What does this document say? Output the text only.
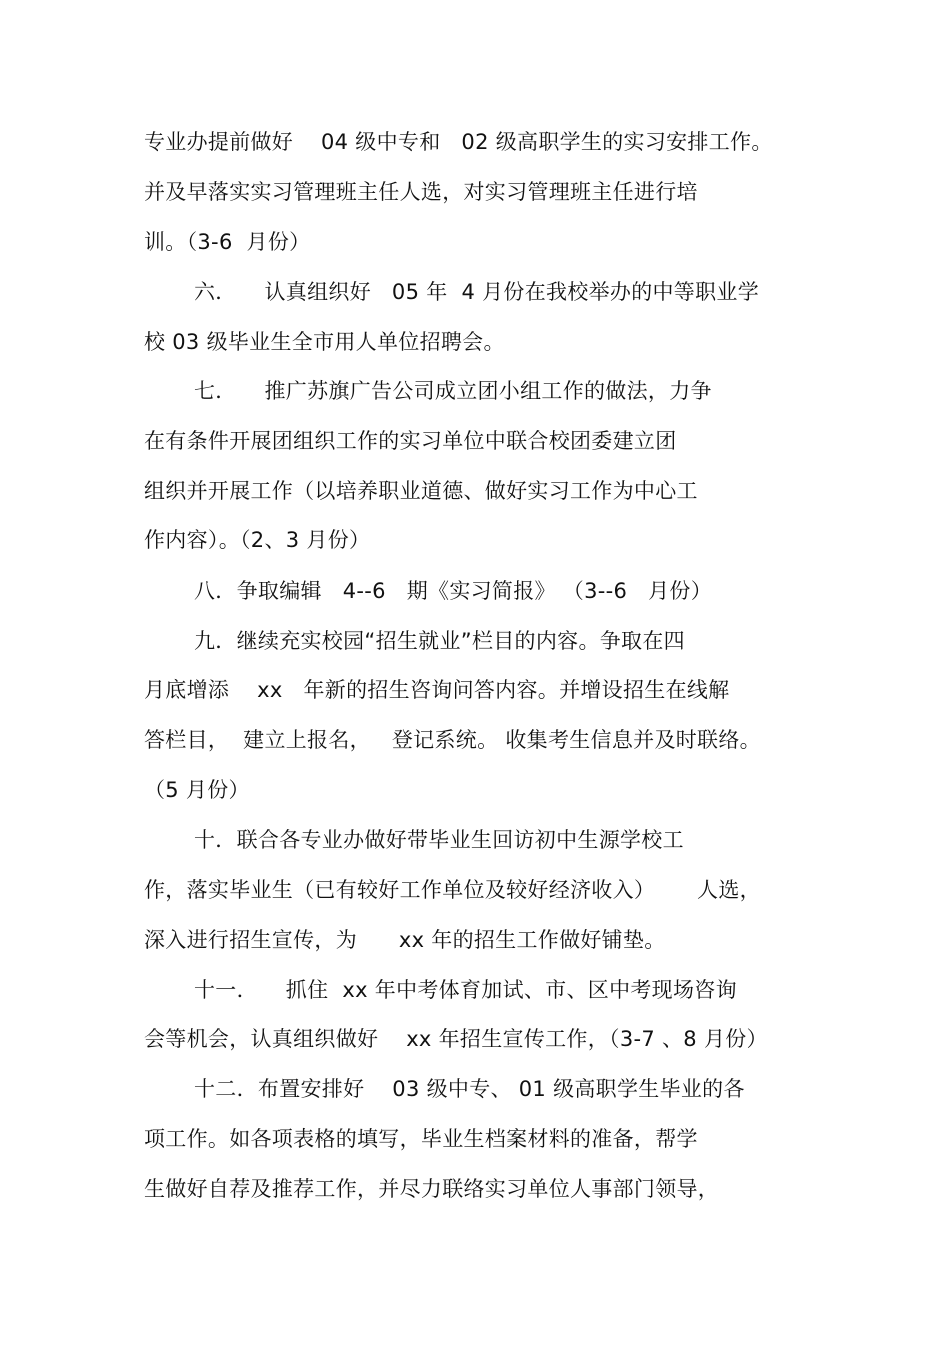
专业办提前做好    04 级中专和   02 级高职学生的实习安排工作。
并及早落实实习管理班主任人选，对实习管理班主任进行培
训。（3-6  月份）
六．    认真组织好   05 年  4 月份在我校举办的中等职业学
校 03 级毕业生全市用人单位招聘会。
七．    推广苏旗广告公司成立团小组工作的做法，力争
在有条件开展团组织工作的实习单位中联合校团委建立团
组织并开展工作（以培养职业道德、做好实习工作为中心工
作内容）。（2、3 月份）
八．争取编辑   4--6   期《实习简报》 （3--6   月份）
九．继续充实校园“招生就业”栏目的内容。争取在四
月底增添    xx   年新的招生咨询问答内容。并增设招生在线解
答栏目，  建立上报名，   登记系统。 收集考生信息并及时联络。
（5 月份）
十．联合各专业办做好带毕业生回访初中生源学校工
作，落实毕业生（已有较好工作单位及较好经济收入）      人选，
深入进行招生宣传，为      xx 年的招生工作做好铺垫。
十一．    抓住  xx 年中考体育加试、市、区中考现场咨询
会等机会，认真组织做好    xx 年招生宣传工作，（3-7 、8 月份）
十二．布置安排好    03 级中专、 01 级高职学生毕业的各
项工作。如各项表格的填写，毕业生档案材料的准备，帮学
生做好自荐及推荐工作，并尽力联络实习单位人事部门领导，
